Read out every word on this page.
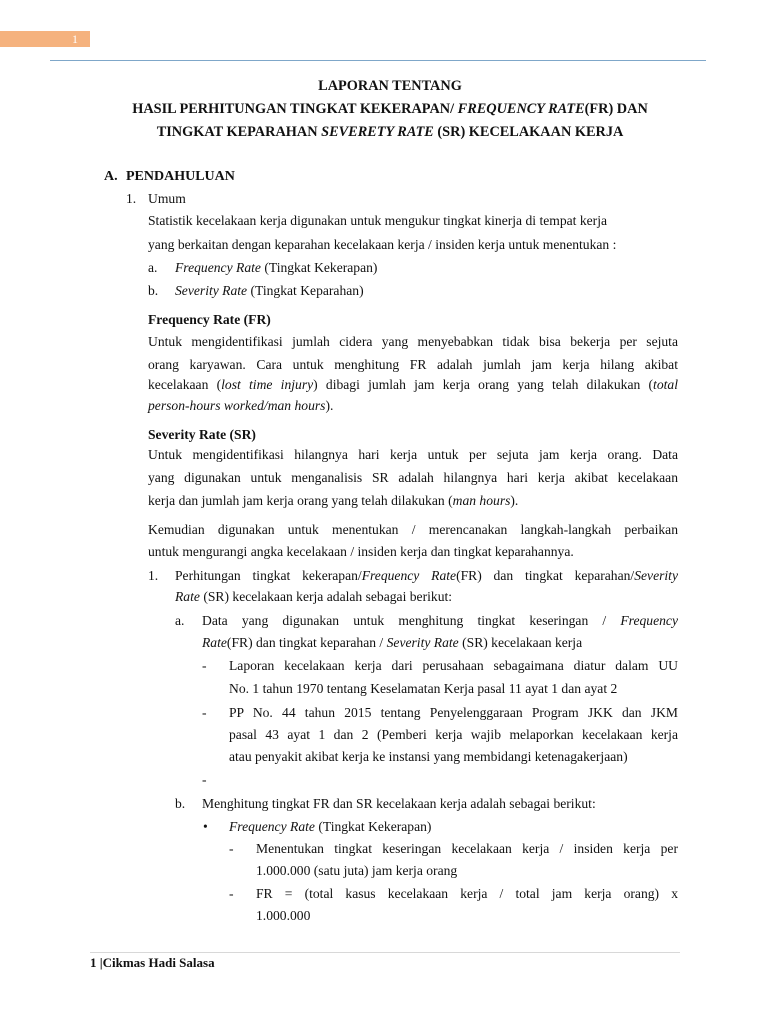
1
LAPORAN TENTANG
HASIL PERHITUNGAN TINGKAT KEKERAPAN/ FREQUENCY RATE(FR) DAN
TINGKAT KEPARAHAN SEVERETY RATE (SR) KECELAKAAN KERJA
A. PENDAHULUAN
1. Umum
Statistik kecelakaan kerja digunakan untuk mengukur tingkat kinerja di tempat kerja
yang berkaitan dengan keparahan kecelakaan kerja / insiden kerja untuk menentukan :
a. Frequency Rate (Tingkat Kekerapan)
b. Severity Rate (Tingkat Keparahan)
Frequency Rate (FR)
Untuk mengidentifikasi jumlah cidera yang menyebabkan tidak bisa bekerja per sejuta
orang karyawan. Cara untuk menghitung FR adalah jumlah jam kerja hilang akibat
kecelakaan (lost time injury) dibagi jumlah jam kerja orang yang telah dilakukan (total
person-hours worked/man hours).
Severity Rate (SR)
Untuk mengidentifikasi hilangnya hari kerja untuk per sejuta jam kerja orang. Data
yang digunakan untuk menganalisis SR adalah hilangnya hari kerja akibat kecelakaan
kerja dan jumlah jam kerja orang yang telah dilakukan (man hours).
Kemudian digunakan untuk menentukan / merencanakan langkah-langkah perbaikan
untuk mengurangi angka kecelakaan / insiden kerja dan tingkat keparahannya.
1. Perhitungan tingkat kekerapan/Frequency Rate(FR) dan tingkat keparahan/Severity
Rate (SR) kecelakaan kerja adalah sebagai berikut:
a. Data yang digunakan untuk menghitung tingkat keseringan / Frequency
Rate(FR) dan tingkat keparahan / Severity Rate (SR) kecelakaan kerja
- Laporan kecelakaan kerja dari perusahaan sebagaimana diatur dalam UU
No. 1 tahun 1970 tentang Keselamatan Kerja pasal 11 ayat 1 dan ayat 2
- PP No. 44 tahun 2015 tentang Penyelenggaraan Program JKK dan JKM
pasal 43 ayat 1 dan 2 (Pemberi kerja wajib melaporkan kecelakaan kerja
atau penyakit akibat kerja ke instansi yang membidangi ketenagakerjaan)
-
b. Menghitung tingkat FR dan SR kecelakaan kerja adalah sebagai berikut:
• Frequency Rate (Tingkat Kekerapan)
- Menentukan tingkat keseringan kecelakaan kerja / insiden kerja per
1.000.000 (satu juta) jam kerja orang
- FR = (total kasus kecelakaan kerja / total jam kerja orang) x
1.000.000
1 |Cikmas Hadi Salasa
